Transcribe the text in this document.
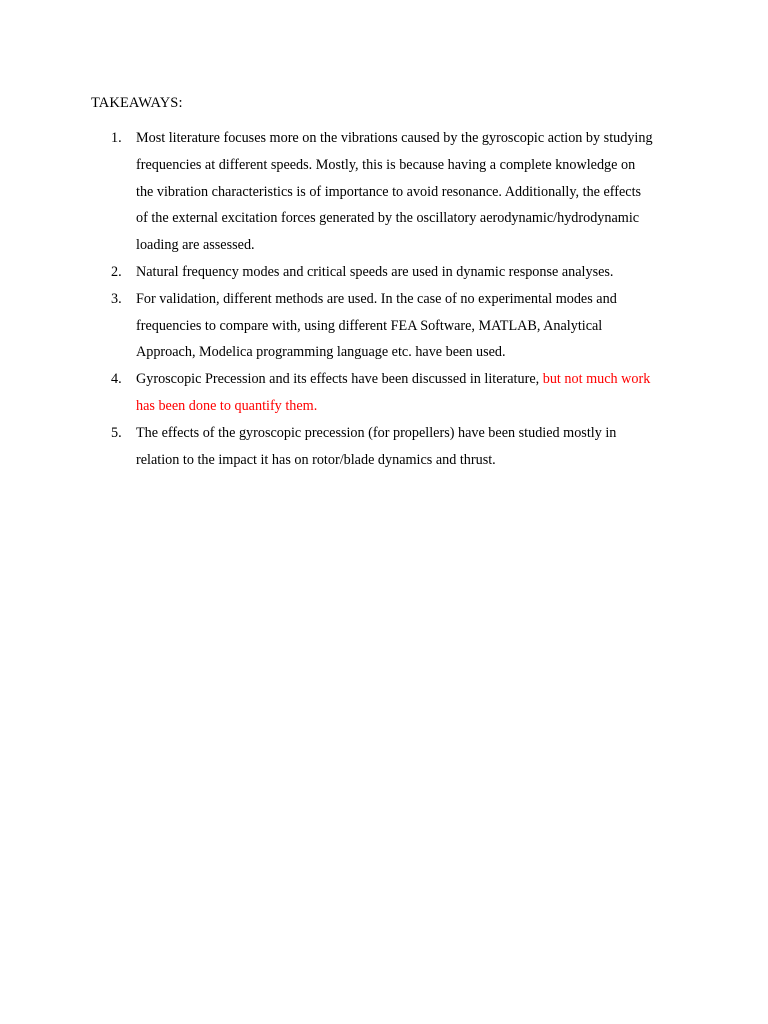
TAKEAWAYS:
1. Most literature focuses more on the vibrations caused by the gyroscopic action by studying frequencies at different speeds. Mostly, this is because having a complete knowledge on the vibration characteristics is of importance to avoid resonance. Additionally, the effects of the external excitation forces generated by the oscillatory aerodynamic/hydrodynamic loading are assessed.
2. Natural frequency modes and critical speeds are used in dynamic response analyses.
3. For validation, different methods are used. In the case of no experimental modes and frequencies to compare with, using different FEA Software, MATLAB, Analytical Approach, Modelica programming language etc. have been used.
4. Gyroscopic Precession and its effects have been discussed in literature, but not much work has been done to quantify them.
5. The effects of the gyroscopic precession (for propellers) have been studied mostly in relation to the impact it has on rotor/blade dynamics and thrust.
